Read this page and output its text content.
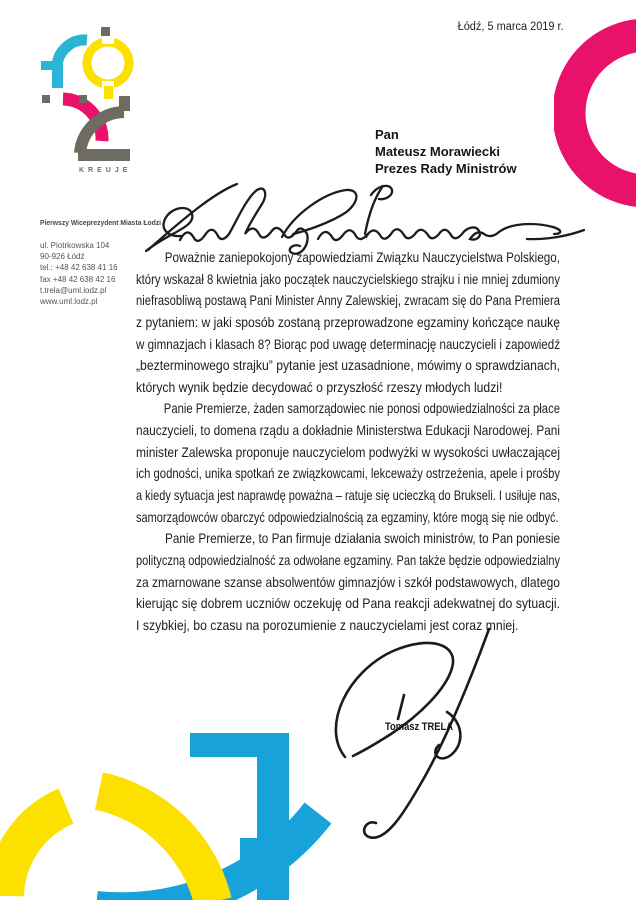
KREUJE
Łódź, 5 marca 2019 r.
Pierwszy Wiceprezydent Miasta Łodzi
ul. Piotrkowska 104
90-926 Łódź
tel.: +48 42 638 41 16
fax +48 42 638 42 16
t.trela@uml.lodz.pl
www.uml.lodz.pl
Pan
Mateusz Morawiecki
Prezes Rady Ministrów
Poważnie zaniepokojony zapowiedziami Związku Nauczycielstwa Polskiego,
który wskazał 8 kwietnia jako początek nauczycielskiego strajku i nie mniej zdumiony
niefrasobliwą postawą Pani Minister Anny Zalewskiej, zwracam się do Pana Premiera
z pytaniem: w jaki sposób zostaną przeprowadzone egzaminy kończące naukę
w gimnazjach i klasach 8? Biorąc pod uwagę determinację nauczycieli i zapowiedź
„bezterminowego strajku” pytanie jest uzasadnione, mówimy o sprawdzianach,
których wynik będzie decydować o przyszłość rzeszy młodych ludzi!
Panie Premierze, żaden samorządowiec nie ponosi odpowiedzialności za płace
nauczycieli, to domena rządu a dokładnie Ministerstwa Edukacji Narodowej. Pani
minister Zalewska proponuje nauczycielom podwyżki w wysokości uwłaczającej
ich godności, unika spotkań ze związkowcami, lekceważy ostrzeżenia, apele i prośby
a kiedy sytuacja jest naprawdę poważna – ratuje się ucieczką do Brukseli. I usiłuje nas,
samorządowców obarczyć odpowiedzialnością za egzaminy, które mogą się nie odbyć.
Panie Premierze, to Pan firmuje działania swoich ministrów, to Pan poniesie
polityczną odpowiedzialność za odwołane egzaminy. Pan także będzie odpowiedzialny
za zmarnowane szanse absolwentów gimnazjów i szkół podstawowych, dlatego
kierując się dobrem uczniów oczekuję od Pana reakcji adekwatnej do sytuacji.
I szybkiej, bo czasu na porozumienie z nauczycielami jest coraz mniej.
Tomasz TRELA
